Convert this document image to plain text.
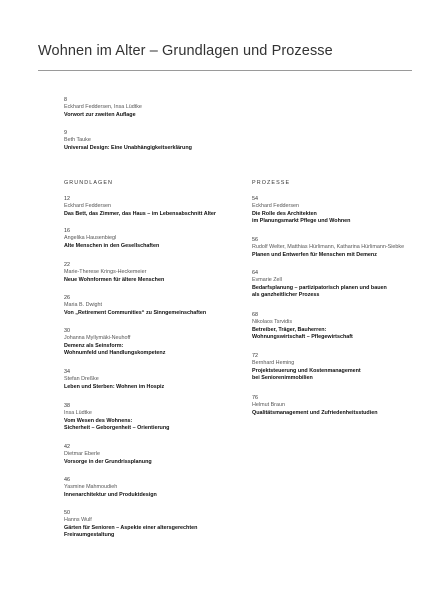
Wohnen im Alter – Grundlagen und Prozesse
8
Eckhard Feddersen, Insa Lüdtke
Vorwort zur zweiten Auflage
9
Beth Tauke
Universal Design: Eine Unabhängigkeitserklärung
GRUNDLAGEN	PROZESSE
12
Eckhard Feddersen
Das Bett, das Zimmer, das Haus – im Lebensabschnitt Alter
16
Angelika Hausenbiegl
Alte Menschen in den Gesellschaften
22
Marie-Therese Krings-Heckemeier
Neue Wohnformen für ältere Menschen
26
Maria B. Dwight
Von „Retirement Communities“ zu Sinngemeinschaften
30
Johanna Myllymäki-Neuhoff
Demenz als Seinsform:
Wohnumfeld und Handlungskompetenz
34
Stefan Dreßke
Leben und Sterben: Wohnen im Hospiz
38
Insa Lüdtke
Vom Wesen des Wohnens:
Sicherheit – Geborgenheit – Orientierung
42
Dietmar Eberle
Vorsorge in der Grundrissplanung
46
Yasmine Mahmoudieh
Innenarchitektur und Produktdesign
50
Hanns Wulf
Gärten für Senioren – Aspekte einer altersgerechten
Freiraumgestaltung
54
Eckhard Feddersen
Die Rolle des Architekten
im Planungsmarkt Pflege und Wohnen
56
Rudolf Welter, Matthias Hürlimann, Katharina Hürlimann-Siebke
Planen und Entwerfen für Menschen mit Demenz
64
Evmarie Zell
Bedarfsplanung – partizipatorisch planen und bauen
als ganzheitlicher Prozess
68
Nikolaos Tsrvidis
Betreiber, Träger, Bauherren:
Wohnungswirtschaft – Pflegewirtschaft
72
Bernhard Heming
Projektsteuerung und Kostenmanagement
bei Seniorenimmobilien
76
Helmut Braun
Qualitätsmanagement und Zufriedenheitsstudien
